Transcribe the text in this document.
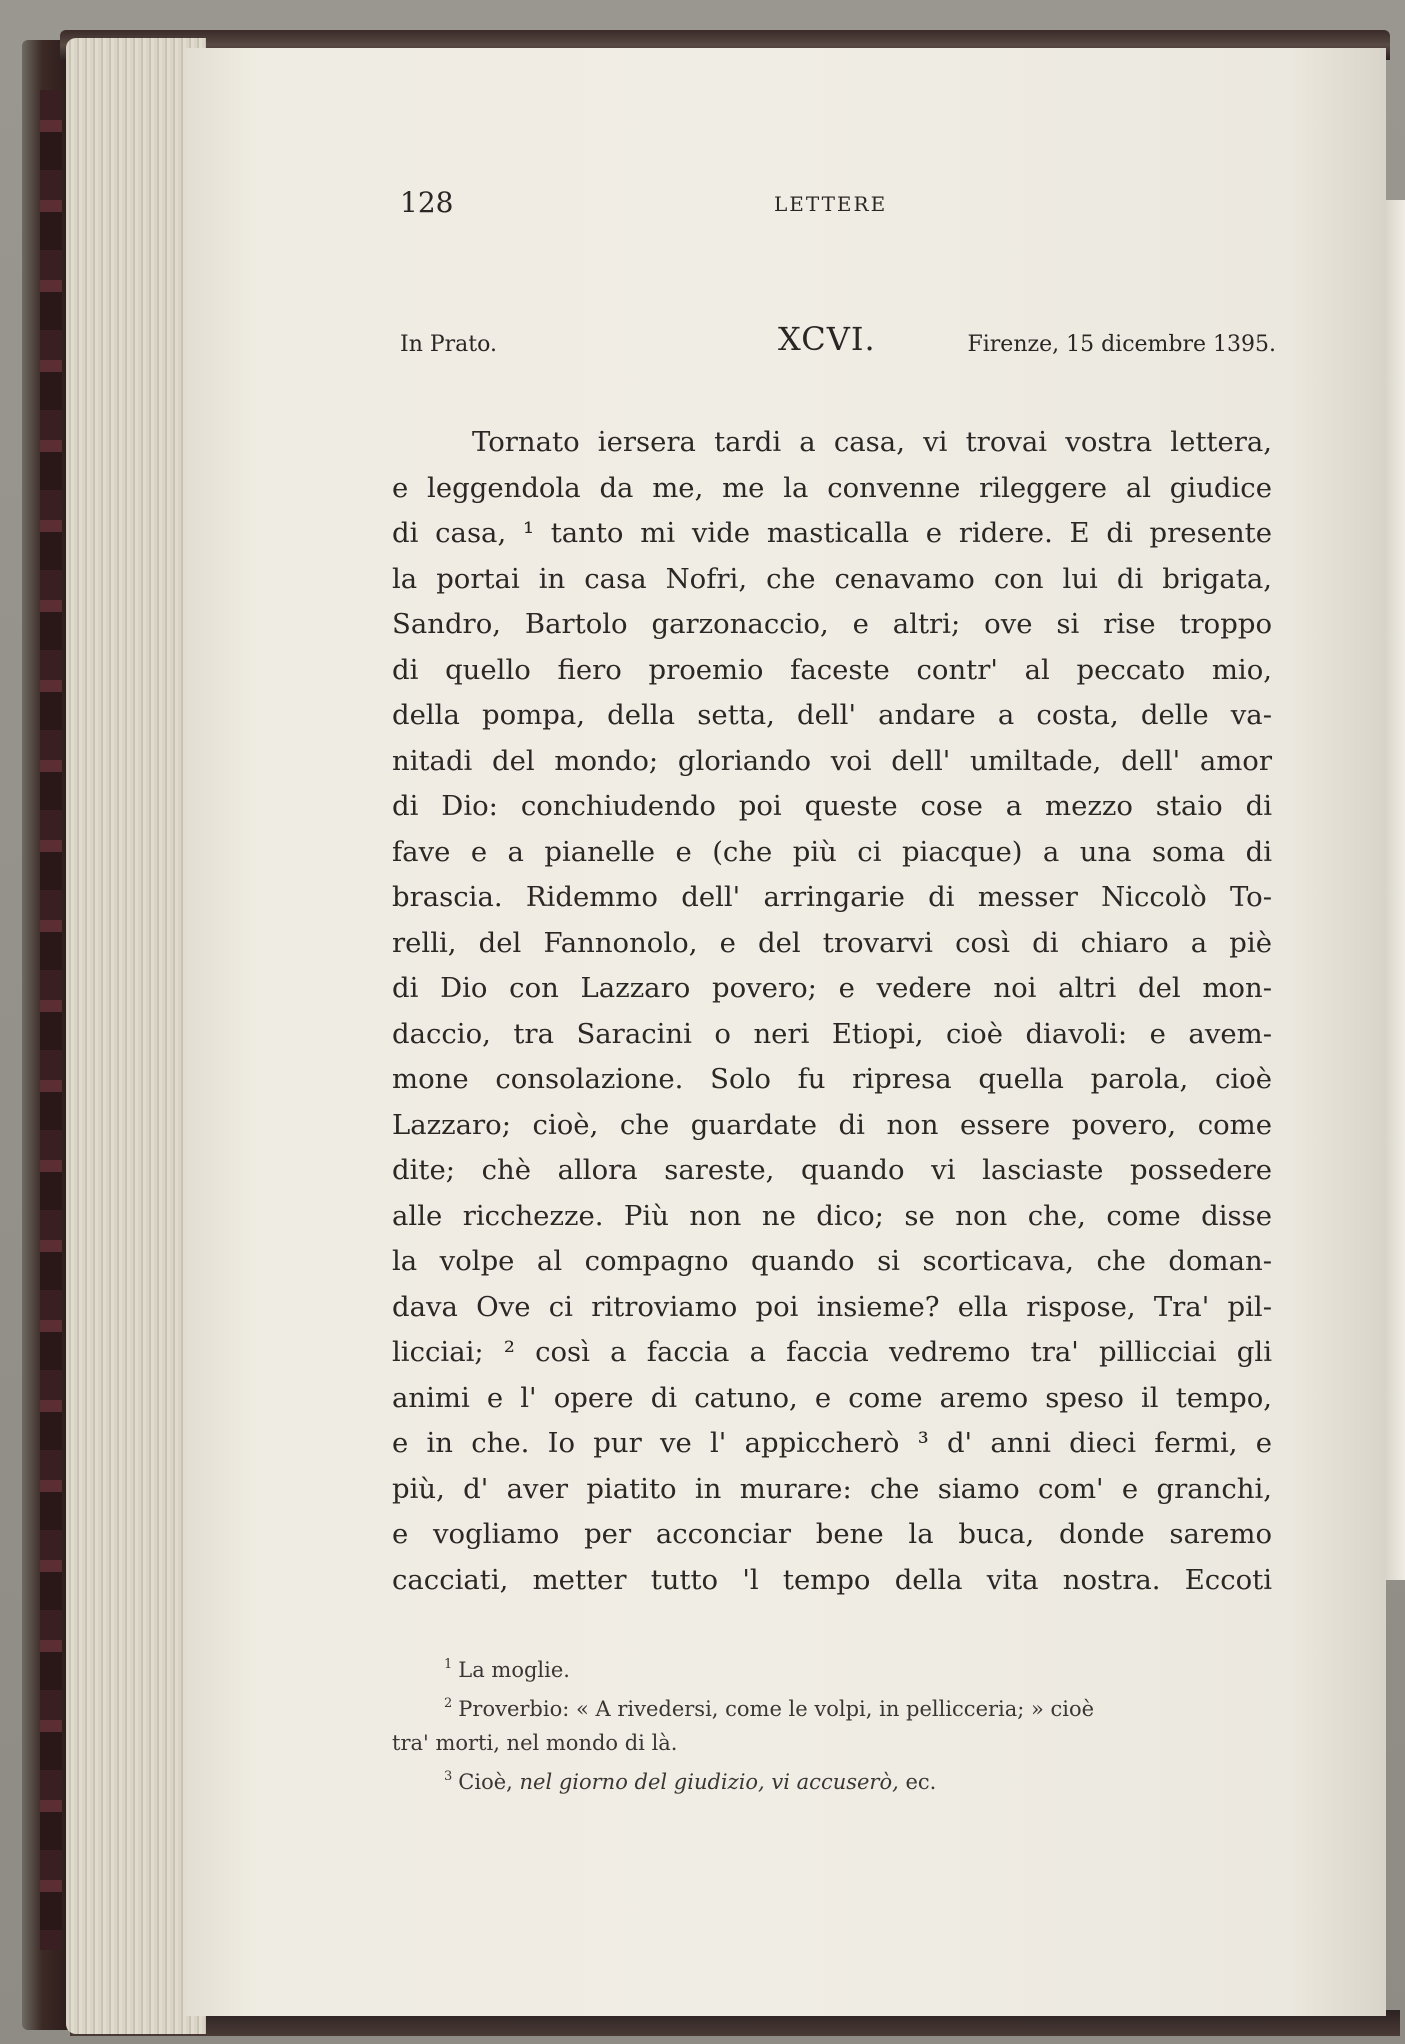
128	LETTERE
In Prato.	XCVI.	Firenze, 15 dicembre 1395.
Tornato iersera tardi a casa, vi trovai vostra lettera,
e leggendola da me, me la convenne rileggere al giudice
di casa, ¹ tanto mi vide masticalla e ridere. E di presente
la portai in casa Nofri, che cenavamo con lui di brigata,
Sandro, Bartolo garzonaccio, e altri; ove si rise troppo
di quello fiero proemio faceste contr' al peccato mio,
della pompa, della setta, dell' andare a costa, delle va-
nitadi del mondo; gloriando voi dell' umiltade, dell' amor
di Dio: conchiudendo poi queste cose a mezzo staio di
fave e a pianelle e (che più ci piacque) a una soma di
brascia. Ridemmo dell' arringarie di messer Niccolò To-
relli, del Fannonolo, e del trovarvi così di chiaro a piè
di Dio con Lazzaro povero; e vedere noi altri del mon-
daccio, tra Saracini o neri Etiopi, cioè diavoli: e avem-
mone consolazione. Solo fu ripresa quella parola, cioè
Lazzaro; cioè, che guardate di non essere povero, come
dite; chè allora sareste, quando vi lasciaste possedere
alle ricchezze. Più non ne dico; se non che, come disse
la volpe al compagno quando si scorticava, che doman-
dava Ove ci ritroviamo poi insieme? ella rispose, Tra' pil-
licciai; ² così a faccia a faccia vedremo tra' pillicciai gli
animi e l' opere di catuno, e come aremo speso il tempo,
e in che. Io pur ve l' appiccherò ³ d' anni dieci fermi, e
più, d' aver piatito in murare: che siamo com' e granchi,
e vogliamo per acconciar bene la buca, donde saremo
cacciati, metter tutto 'l tempo della vita nostra. Eccoti
$^1$ La moglie.
$^2$ Proverbio: « A rivedersi, come le volpi, in pellicceria; » cioè
tra' morti, nel mondo di là.
$^3$ Cioè, nel giorno del giudizio, vi accuserò, ec.
